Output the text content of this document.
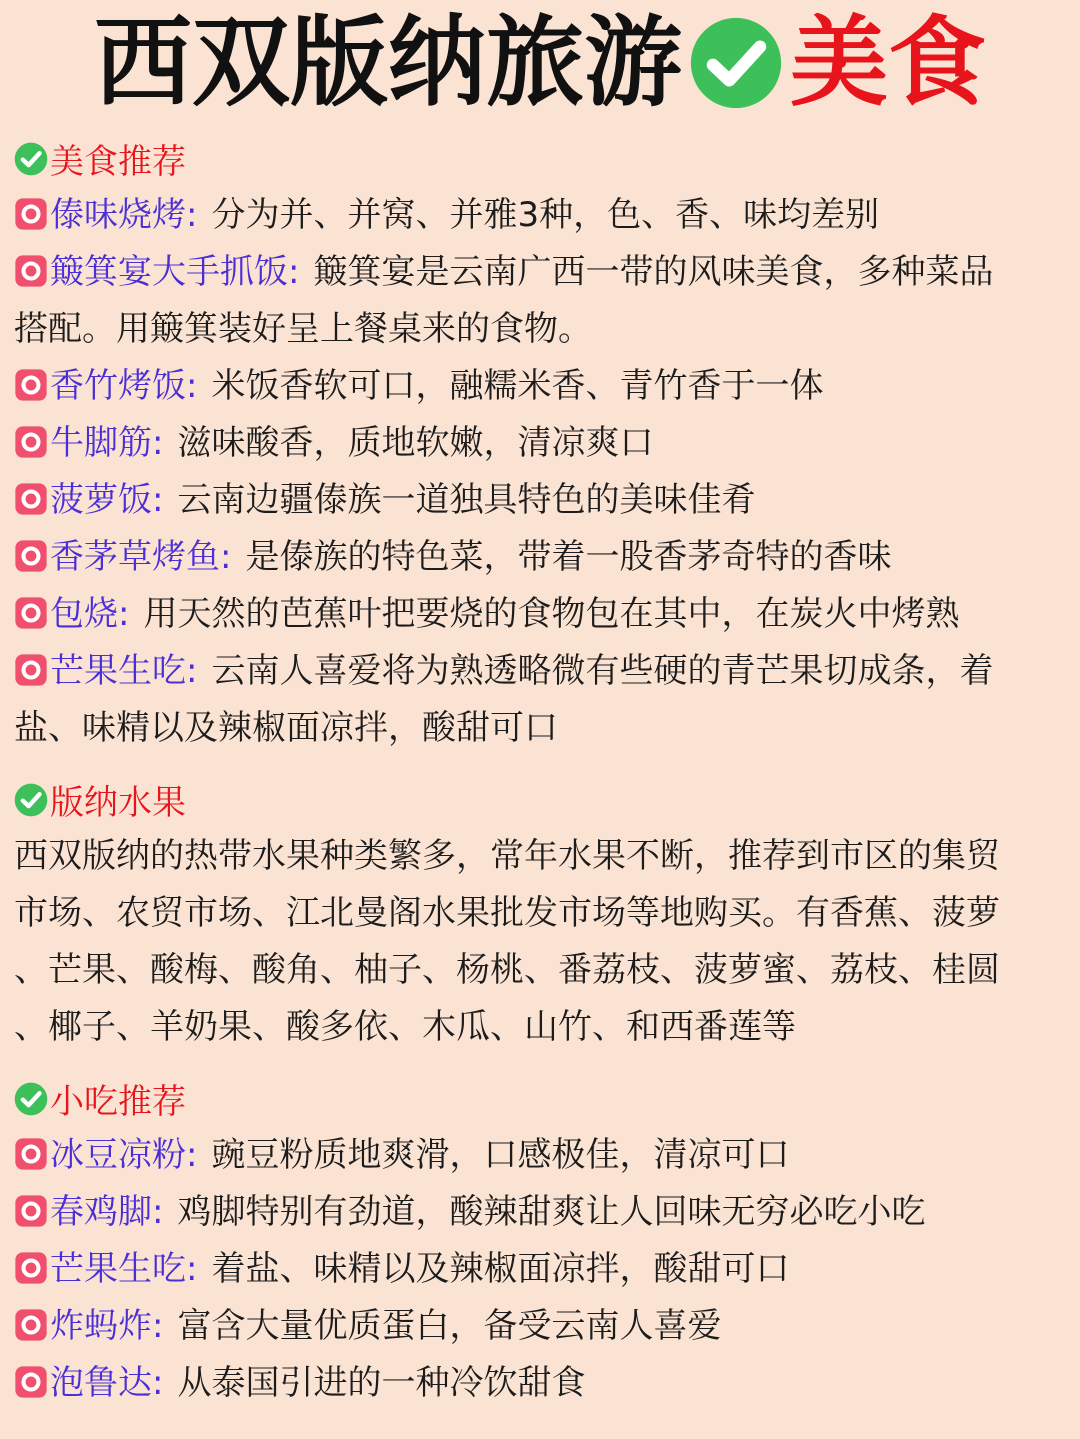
西双版纳旅游 美食
美食推荐
傣味烧烤: 分为并、并窝、并雅3种，色、香、味均差别
簸箕宴大手抓饭: 簸箕宴是云南广西一带的风味美食，多种菜品
搭配。用簸箕装好呈上餐桌来的食物。
香竹烤饭: 米饭香软可口，融糯米香、青竹香于一体
牛脚筋: 滋味酸香，质地软嫩，清凉爽口
菠萝饭: 云南边疆傣族一道独具特色的美味佳肴
香茅草烤鱼: 是傣族的特色菜，带着一股香茅奇特的香味
包烧: 用天然的芭蕉叶把要烧的食物包在其中，在炭火中烤熟
芒果生吃: 云南人喜爱将为熟透略微有些硬的青芒果切成条，着
盐、味精以及辣椒面凉拌，酸甜可口
版纳水果
西双版纳的热带水果种类繁多，常年水果不断，推荐到市区的集贸
市场、农贸市场、江北曼阁水果批发市场等地购买。有香蕉、菠萝
、芒果、酸梅、酸角、柚子、杨桃、番荔枝、菠萝蜜、荔枝、桂圆
、椰子、羊奶果、酸多依、木瓜、山竹、和西番莲等
小吃推荐
冰豆凉粉: 豌豆粉质地爽滑，口感极佳，清凉可口
春鸡脚: 鸡脚特别有劲道，酸辣甜爽让人回味无穷必吃小吃
芒果生吃: 着盐、味精以及辣椒面凉拌，酸甜可口
炸蚂炸: 富含大量优质蛋白，备受云南人喜爱
泡鲁达: 从泰国引进的一种冷饮甜食
